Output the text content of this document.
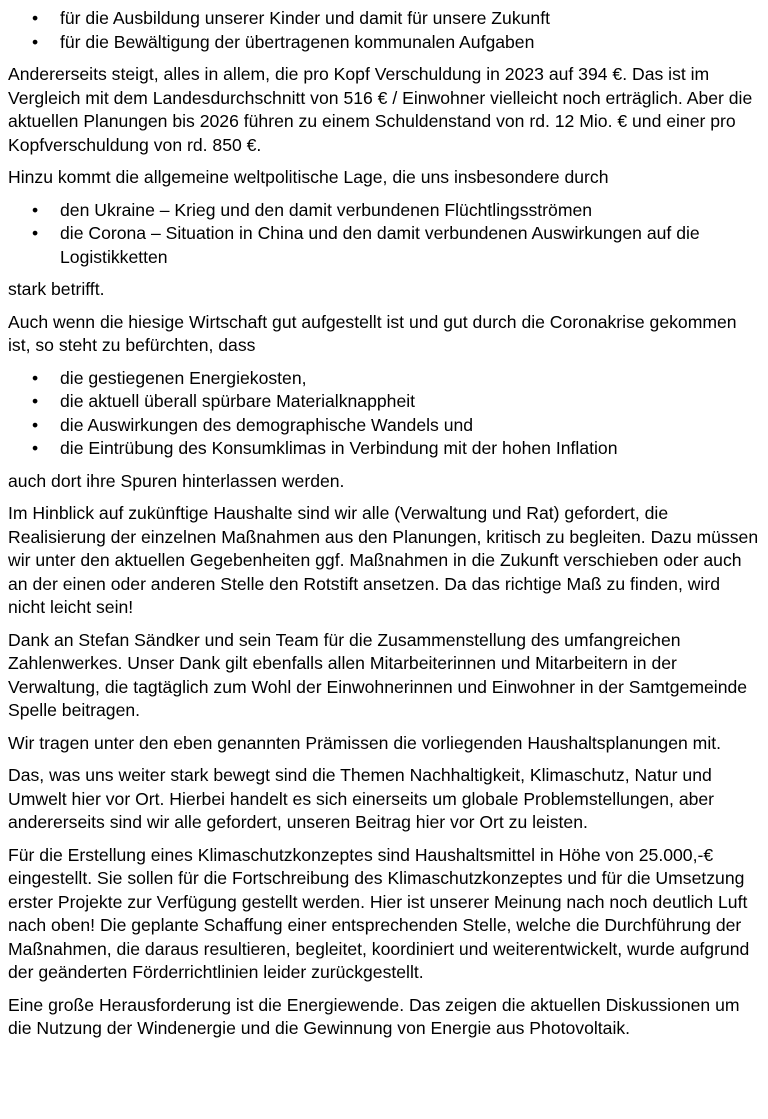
• für die Ausbildung unserer Kinder und damit für unsere Zukunft
• für die Bewältigung der übertragenen kommunalen Aufgaben

Andererseits steigt, alles in allem, die pro Kopf Verschuldung in 2023 auf 394 €. Das ist im Vergleich mit dem Landesdurchschnitt von 516 € / Einwohner vielleicht noch erträglich. Aber die aktuellen Planungen bis 2026 führen zu einem Schuldenstand von rd. 12 Mio. € und einer pro Kopfverschuldung von rd. 850 €.

Hinzu kommt die allgemeine weltpolitische Lage, die uns insbesondere durch

• den Ukraine – Krieg und den damit verbundenen Flüchtlingsströmen
• die Corona – Situation in China und den damit verbundenen Auswirkungen auf die Logistikketten

stark betrifft.

Auch wenn die hiesige Wirtschaft gut aufgestellt ist und gut durch die Coronakrise gekommen ist, so steht zu befürchten, dass

• die gestiegenen Energiekosten,
• die aktuell überall spürbare Materialknappheit
• die Auswirkungen des demographische Wandels und
• die Eintrübung des Konsumklimas in Verbindung mit der hohen Inflation

auch dort ihre Spuren hinterlassen werden.

Im Hinblick auf zukünftige Haushalte sind wir alle (Verwaltung und Rat) gefordert, die Realisierung der einzelnen Maßnahmen aus den Planungen, kritisch zu begleiten. Dazu müssen wir unter den aktuellen Gegebenheiten ggf. Maßnahmen in die Zukunft verschieben oder auch an der einen oder anderen Stelle den Rotstift ansetzen. Da das richtige Maß zu finden, wird nicht leicht sein!

Dank an Stefan Sändker und sein Team für die Zusammenstellung des umfangreichen Zahlenwerkes. Unser Dank gilt ebenfalls allen Mitarbeiterinnen und Mitarbeitern in der Verwaltung, die tagtäglich zum Wohl der Einwohnerinnen und Einwohner in der Samtgemeinde Spelle beitragen.

Wir tragen unter den eben genannten Prämissen die vorliegenden Haushaltsplanungen mit.

Das, was uns weiter stark bewegt sind die Themen Nachhaltigkeit, Klimaschutz, Natur und Umwelt hier vor Ort. Hierbei handelt es sich einerseits um globale Problemstellungen, aber andererseits sind wir alle gefordert, unseren Beitrag hier vor Ort zu leisten.

Für die Erstellung eines Klimaschutzkonzeptes sind Haushaltsmittel in Höhe von 25.000,-€ eingestellt. Sie sollen für die Fortschreibung des Klimaschutzkonzeptes und für die Umsetzung erster Projekte zur Verfügung gestellt werden. Hier ist unserer Meinung nach noch deutlich Luft nach oben! Die geplante Schaffung einer entsprechenden Stelle, welche die Durchführung der Maßnahmen, die daraus resultieren, begleitet, koordiniert und weiterentwickelt, wurde aufgrund der geänderten Förderrichtlinien leider zurückgestellt.

Eine große Herausforderung ist die Energiewende. Das zeigen die aktuellen Diskussionen um die Nutzung der Windenergie und die Gewinnung von Energie aus Photovoltaik.
